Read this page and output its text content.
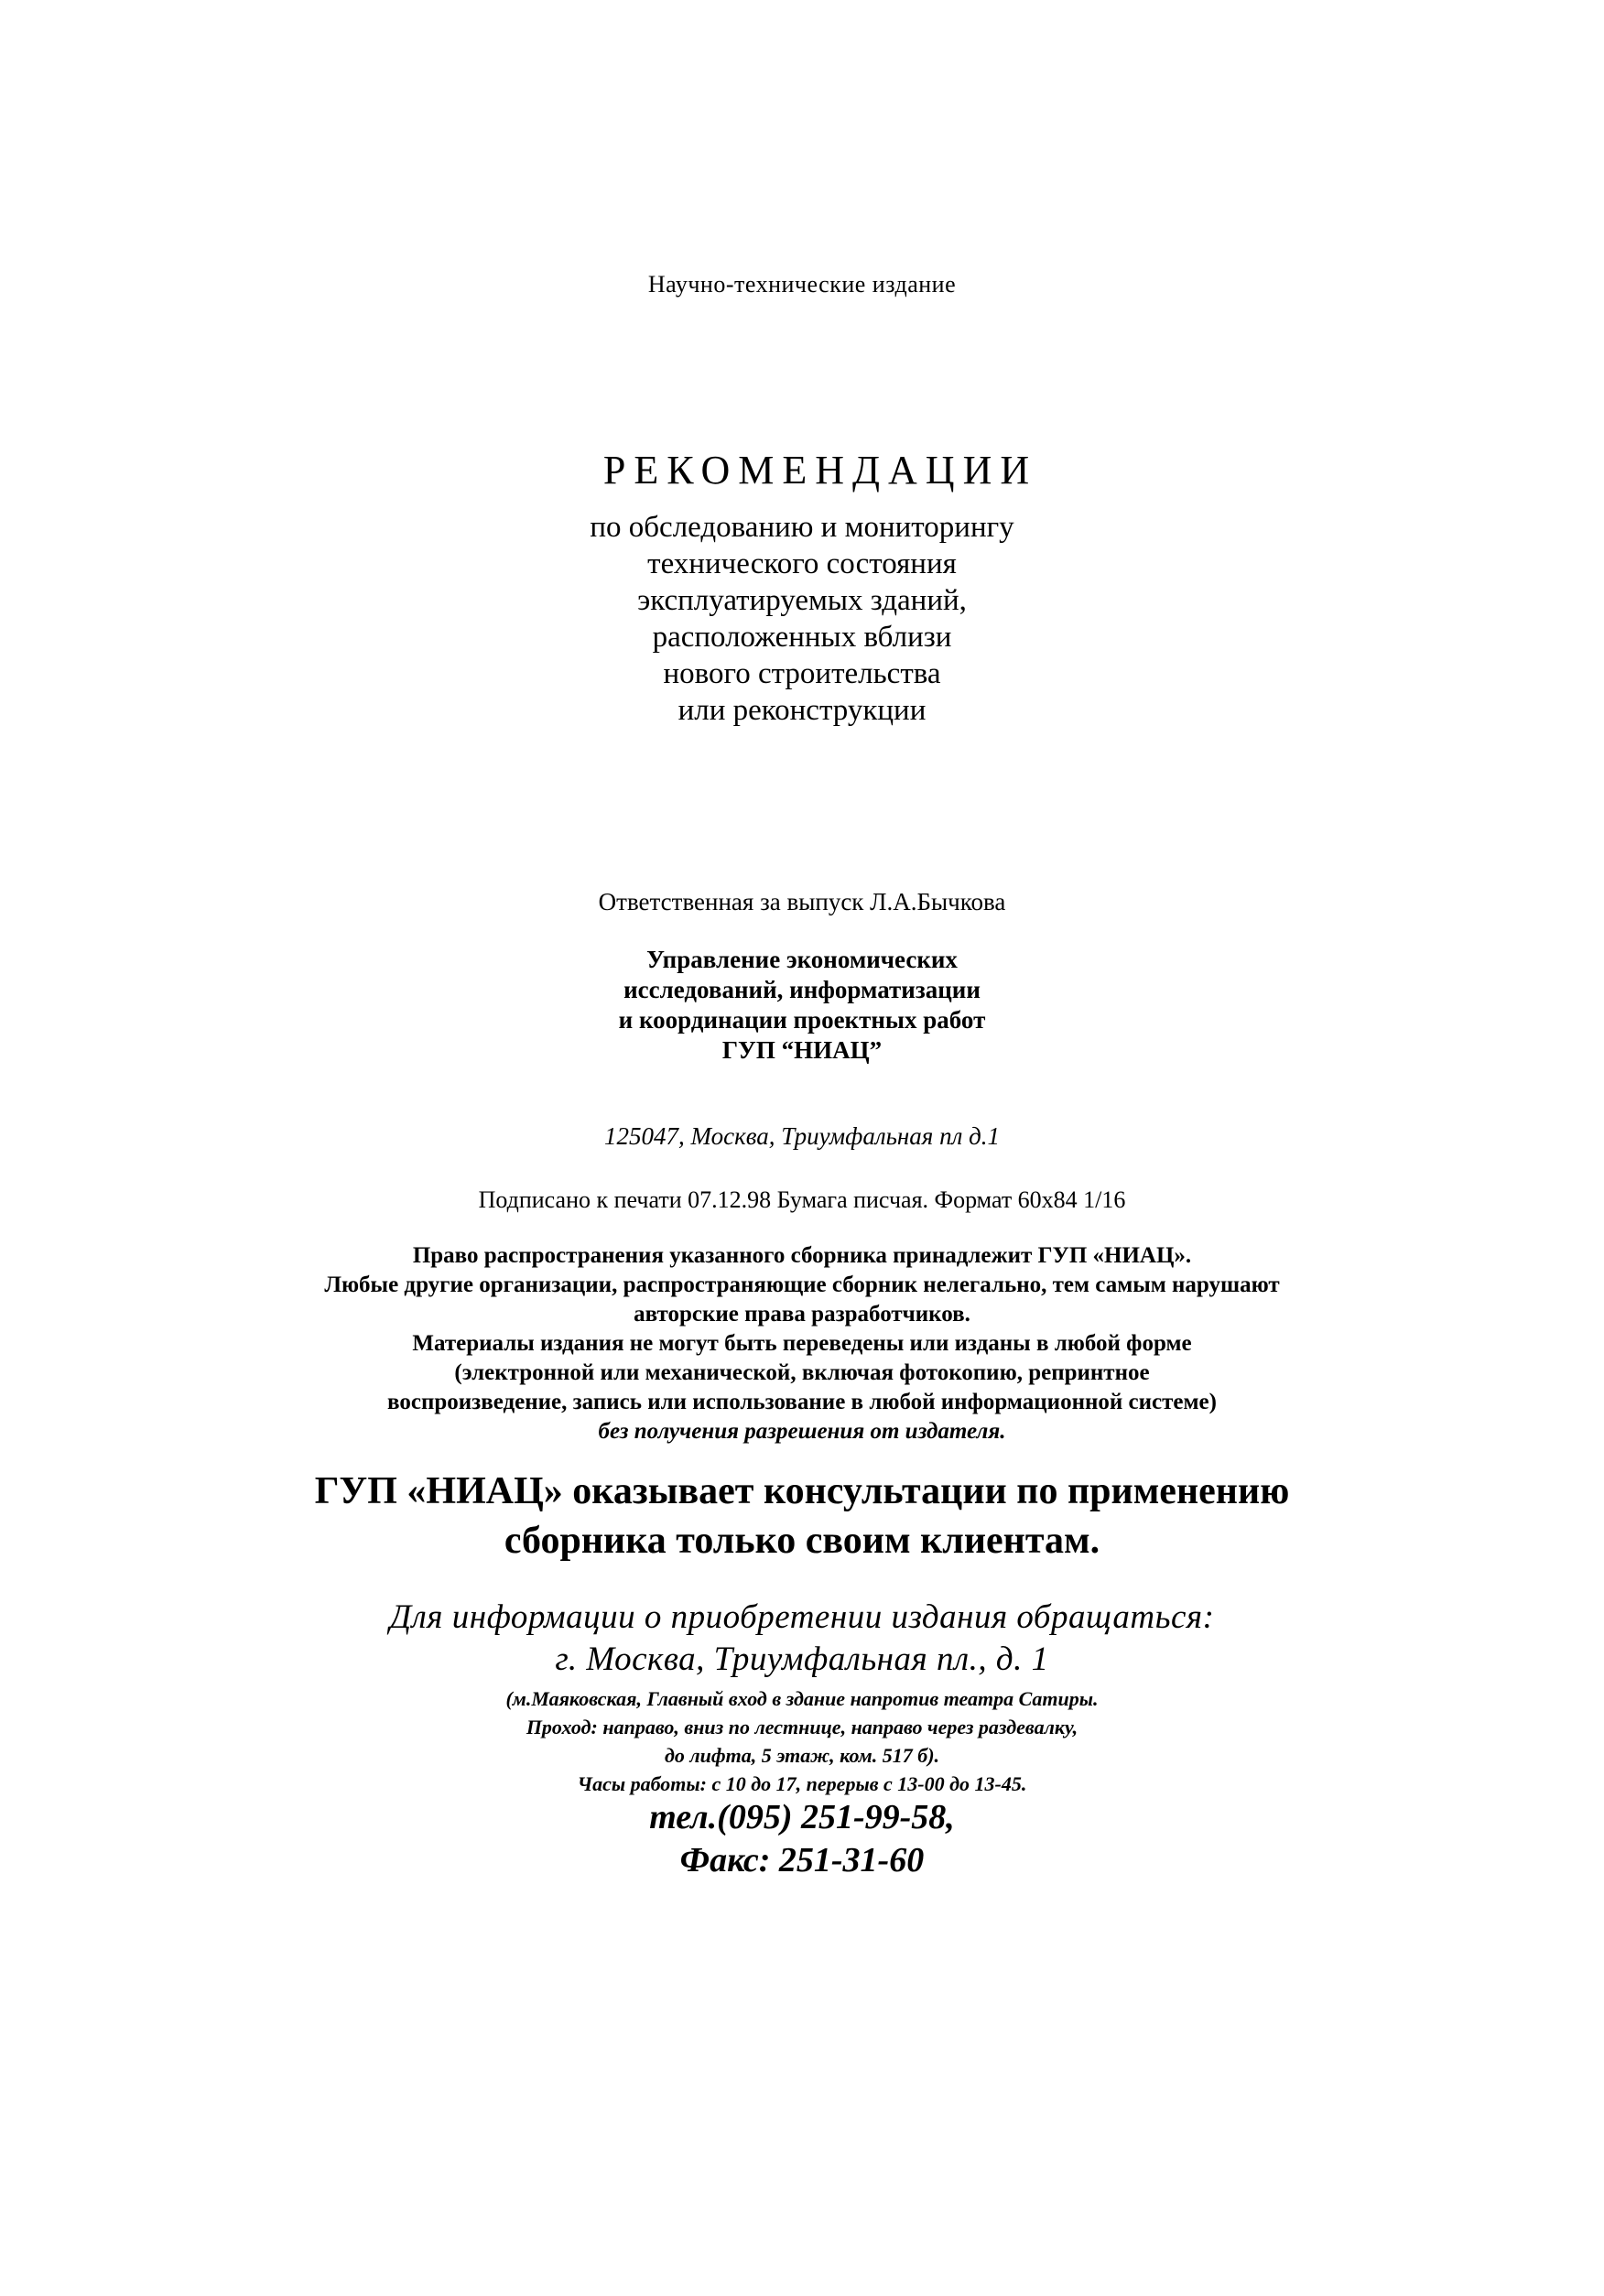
Научно-технические издание
РЕКОМЕНДАЦИИ
по обследованию и мониторингу
технического состояния
эксплуатируемых зданий,
расположенных вблизи
нового строительства
или реконструкции
Ответственная за выпуск Л.А.Бычкова
Управление экономических
исследований, информатизации
и координации проектных работ
ГУП “НИАЦ”
125047, Москва, Триумфальная пл д.1
Подписано к печати 07.12.98 Бумага писчая. Формат 60x84 1/16
Право распространения указанного сборника принадлежит ГУП «НИАЦ».
Любые другие организации, распространяющие сборник нелегально, тем самым нарушают
авторские права разработчиков.
Материалы издания не могут быть переведены или изданы в любой форме
(электронной или механической, включая фотокопию, репринтное
воспроизведение, запись или использование в любой информационной системе)
без получения разрешения от издателя.
ГУП «НИАЦ» оказывает консультации по применению
сборника только своим клиентам.
Для информации о приобретении издания обращаться:
г. Москва, Триумфальная пл., д. 1
(м.Маяковская, Главный вход в здание напротив театра Сатиры.
Проход: направо, вниз по лестнице, направо через раздевалку,
до лифта, 5 этаж, ком. 517 б).
Часы работы: с 10 до 17, перерыв с 13-00 до 13-45.
тел.(095) 251-99-58,
Факс: 251-31-60
